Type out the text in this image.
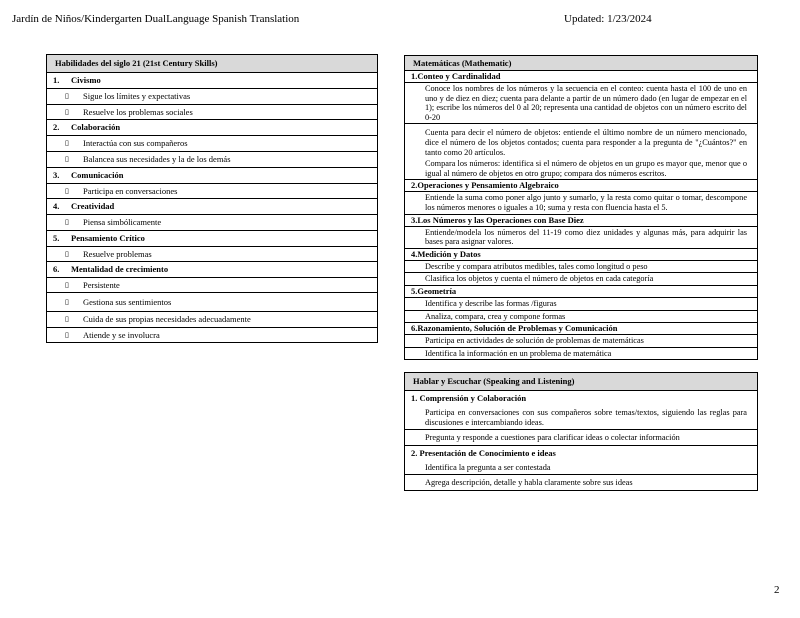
Jardín de Niños/Kindergarten DualLanguage Spanish Translation	Updated: 1/23/2024
Habilidades del siglo 21 (21st Century Skills)
1. Civismo
▯ Sigue los límites y expectativas
▯ Resuelve los problemas sociales
2. Colaboración
▯ Interactúa con sus compañeros
▯ Balancea sus necesidades y la de los demás
3. Comunicación
▯ Participa en conversaciones
4. Creatividad
▯ Piensa simbólicamente
5. Pensamiento Crítico
▯ Resuelve problemas
6. Mentalidad de crecimiento
▯ Persistente
▯ Gestiona sus sentimientos
▯ Cuida de sus propias necesidades adecuadamente
▯ Atiende y se involucra
Matemáticas (Mathematic)
1.Conteo y Cardinalidad
Conoce los nombres de los números y la secuencia en el conteo: cuenta hasta el 100 de uno en uno y de diez en diez; cuenta para delante a partir de un número dado (en lugar de empezar en el 1); escribe los números del 0 al 20; representa una cantidad de objetos con un número escrito del 0-20
Cuenta para decir el número de objetos: entiende el último nombre de un número mencionado, dice el número de los objetos contados; cuenta para responder a la pregunta de "¿Cuántos?" en tanto como 20 artículos.
Compara los números: identifica si el número de objetos en un grupo es mayor que, menor que o igual al número de objetos en otro grupo; compara dos números escritos.
2.Operaciones y Pensamiento Algebraico
Entiende la suma como poner algo junto y sumarlo, y la resta como quitar o tomar, descompone los números menores o iguales a 10; suma y resta con fluencia hasta el 5.
3.Los Números y las Operaciones con Base Diez
Entiende/modela los números del 11-19 como diez unidades y algunas más, para adquirir las bases para asignar valores.
4.Medición y Datos
Describe y compara atributos medibles, tales como longitud o peso
Clasifica los objetos y cuenta el número de objetos en cada categoría
5.Geometría
Identifica y describe las formas /figuras
Analiza, compara, crea y compone formas
6.Razonamiento, Solución de Problemas y Comunicación
Participa en actividades de solución de problemas de matemáticas
Identifica la información en un problema de matemática
Hablar y Escuchar (Speaking and Listening)
1. Comprensión y Colaboración
Participa en conversaciones con sus compañeros sobre temas/textos, siguiendo las reglas para discusiones e intercambiando ideas.
Pregunta y responde a cuestiones para clarificar ideas o colectar información
2. Presentación de Conocimiento e ideas
Identifica la pregunta a ser contestada
Agrega descripción, detalle y habla claramente sobre sus ideas
2
